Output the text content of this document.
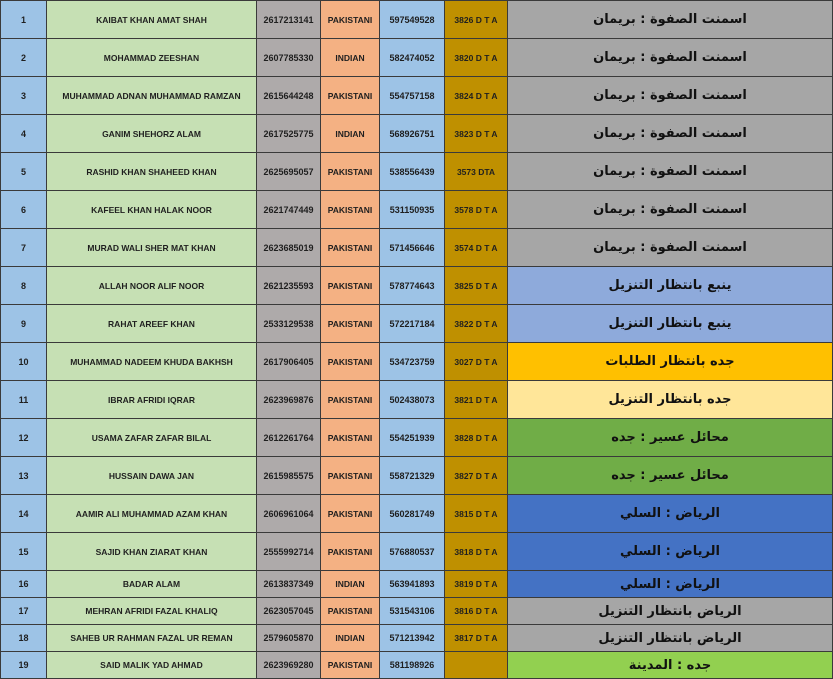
1	KAIBAT KHAN AMAT SHAH	2617213141	PAKISTANI	597549528	3826 D T A	اسمنت الصفوة : بريمان
2	MOHAMMAD ZEESHAN	2607785330	INDIAN	582474052	3820 D T A	اسمنت الصفوة : بريمان
3	MUHAMMAD ADNAN MUHAMMAD RAMZAN	2615644248	PAKISTANI	554757158	3824 D T A	اسمنت الصفوة : بريمان
4	GANIM SHEHORZ ALAM	2617525775	INDIAN	568926751	3823 D T A	اسمنت الصفوة : بريمان
5	RASHID KHAN SHAHEED KHAN	2625695057	PAKISTANI	538556439	3573 DTA	اسمنت الصفوة : بريمان
6	KAFEEL KHAN HALAK NOOR	2621747449	PAKISTANI	531150935	3578 D T A	اسمنت الصفوة : بريمان
7	MURAD WALI SHER MAT KHAN	2623685019	PAKISTANI	571456646	3574 D T A	اسمنت الصفوة : بريمان
8	ALLAH NOOR ALIF NOOR	2621235593	PAKISTANI	578774643	3825 D T A	ينبع بانتظار التنزيل
9	RAHAT AREEF KHAN	2533129538	PAKISTANI	572217184	3822 D T A	ينبع بانتظار التنزيل
10	MUHAMMAD NADEEM KHUDA BAKHSH	2617906405	PAKISTANI	534723759	3027 D T A	جده بانتظار الطلبات
11	IBRAR AFRIDI IQRAR	2623969876	PAKISTANI	502438073	3821 D T A	جده بانتظار التنزيل
12	USAMA ZAFAR ZAFAR BILAL	2612261764	PAKISTANI	554251939	3828 D T A	محائل عسير : جده
13	HUSSAIN DAWA JAN	2615985575	PAKISTANI	558721329	3827 D T A	محائل عسير : جده
14	AAMIR ALI MUHAMMAD AZAM KHAN	2606961064	PAKISTANI	560281749	3815 D T A	الرياض : السلي
15	SAJID KHAN ZIARAT KHAN	2555992714	PAKISTANI	576880537	3818 D T A	الرياض : السلي
16	BADAR ALAM	2613837349	INDIAN	563941893	3819 D T A	الرياض : السلي
17	MEHRAN AFRIDI FAZAL KHALIQ	2623057045	PAKISTANI	531543106	3816 D T A	الرياض بانتظار التنزيل
18	SAHEB UR RAHMAN FAZAL UR REMAN	2579605870	INDIAN	571213942	3817 D T A	الرياض بانتظار التنزيل
19	SAID MALIK YAD AHMAD	2623969280	PAKISTANI	581198926		جده : المدينة
